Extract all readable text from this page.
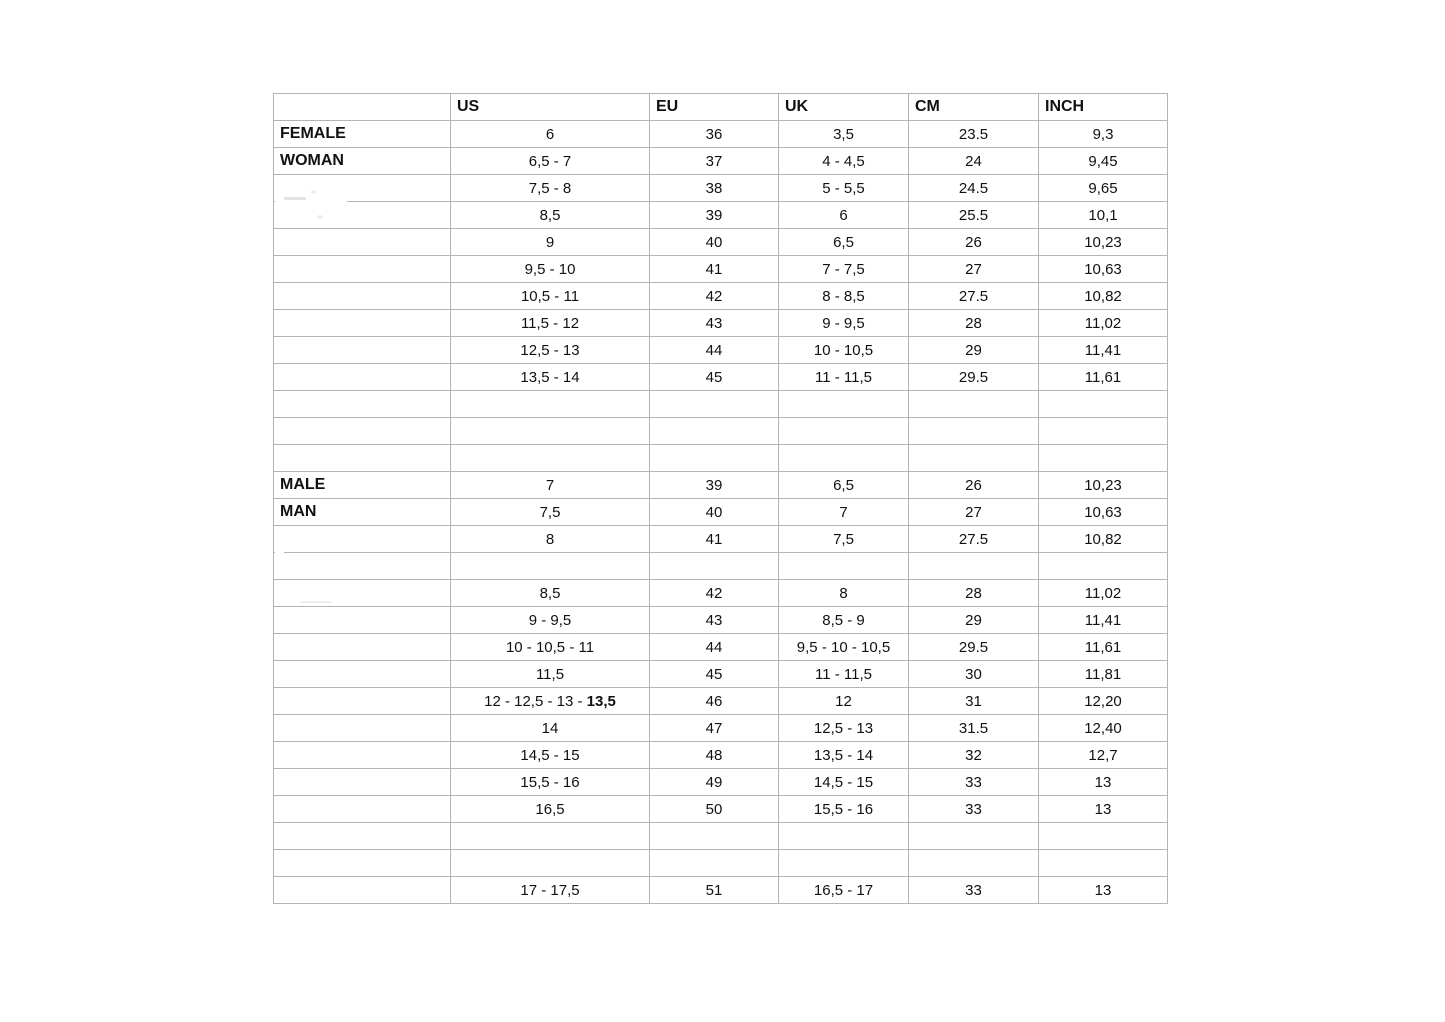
	US	EU	UK	CM	INCH
FEMALE	6	36	3,5	23.5	9,3
WOMAN	6,5 - 7	37	4 - 4,5	24	9,45
	7,5 - 8	38	5 - 5,5	24.5	9,65
	8,5	39	6	25.5	10,1
	9	40	6,5	26	10,23
	9,5 - 10	41	7 - 7,5	27	10,63
	10,5 - 11	42	8 - 8,5	27.5	10,82
	11,5 - 12	43	9 - 9,5	28	11,02
	12,5 - 13	44	10 - 10,5	29	11,41
	13,5 - 14	45	11 - 11,5	29.5	11,61

MALE	7	39	6,5	26	10,23
MAN	7,5	40	7	27	10,63
	8	41	7,5	27.5	10,82

	8,5	42	8	28	11,02
	9 - 9,5	43	8,5 - 9	29	11,41
	10 - 10,5 - 11	44	9,5 - 10 - 10,5	29.5	11,61
	11,5	45	11 - 11,5	30	11,81
	12 - 12,5 - 13 - 13,5	46	12	31	12,20
	14	47	12,5 - 13	31.5	12,40
	14,5 - 15	48	13,5 - 14	32	12,7
	15,5 - 16	49	14,5 - 15	33	13
	16,5	50	15,5 - 16	33	13

	17 - 17,5	51	16,5 - 17	33	13
